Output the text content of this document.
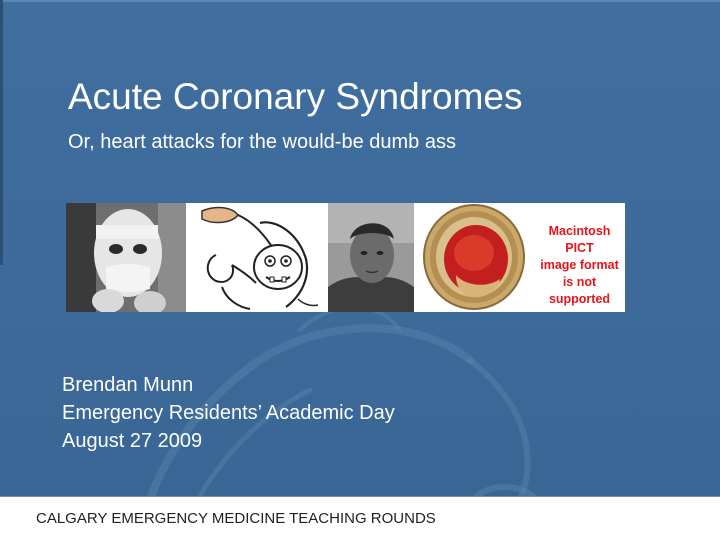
Acute Coronary Syndromes

Or, heart attacks for the would-be dumb ass

Macintosh PICT
image format
is not supported
Brendan Munn
Emergency Residents’ Academic Day
August 27 2009
CALGARY EMERGENCY MEDICINE TEACHING ROUNDS
